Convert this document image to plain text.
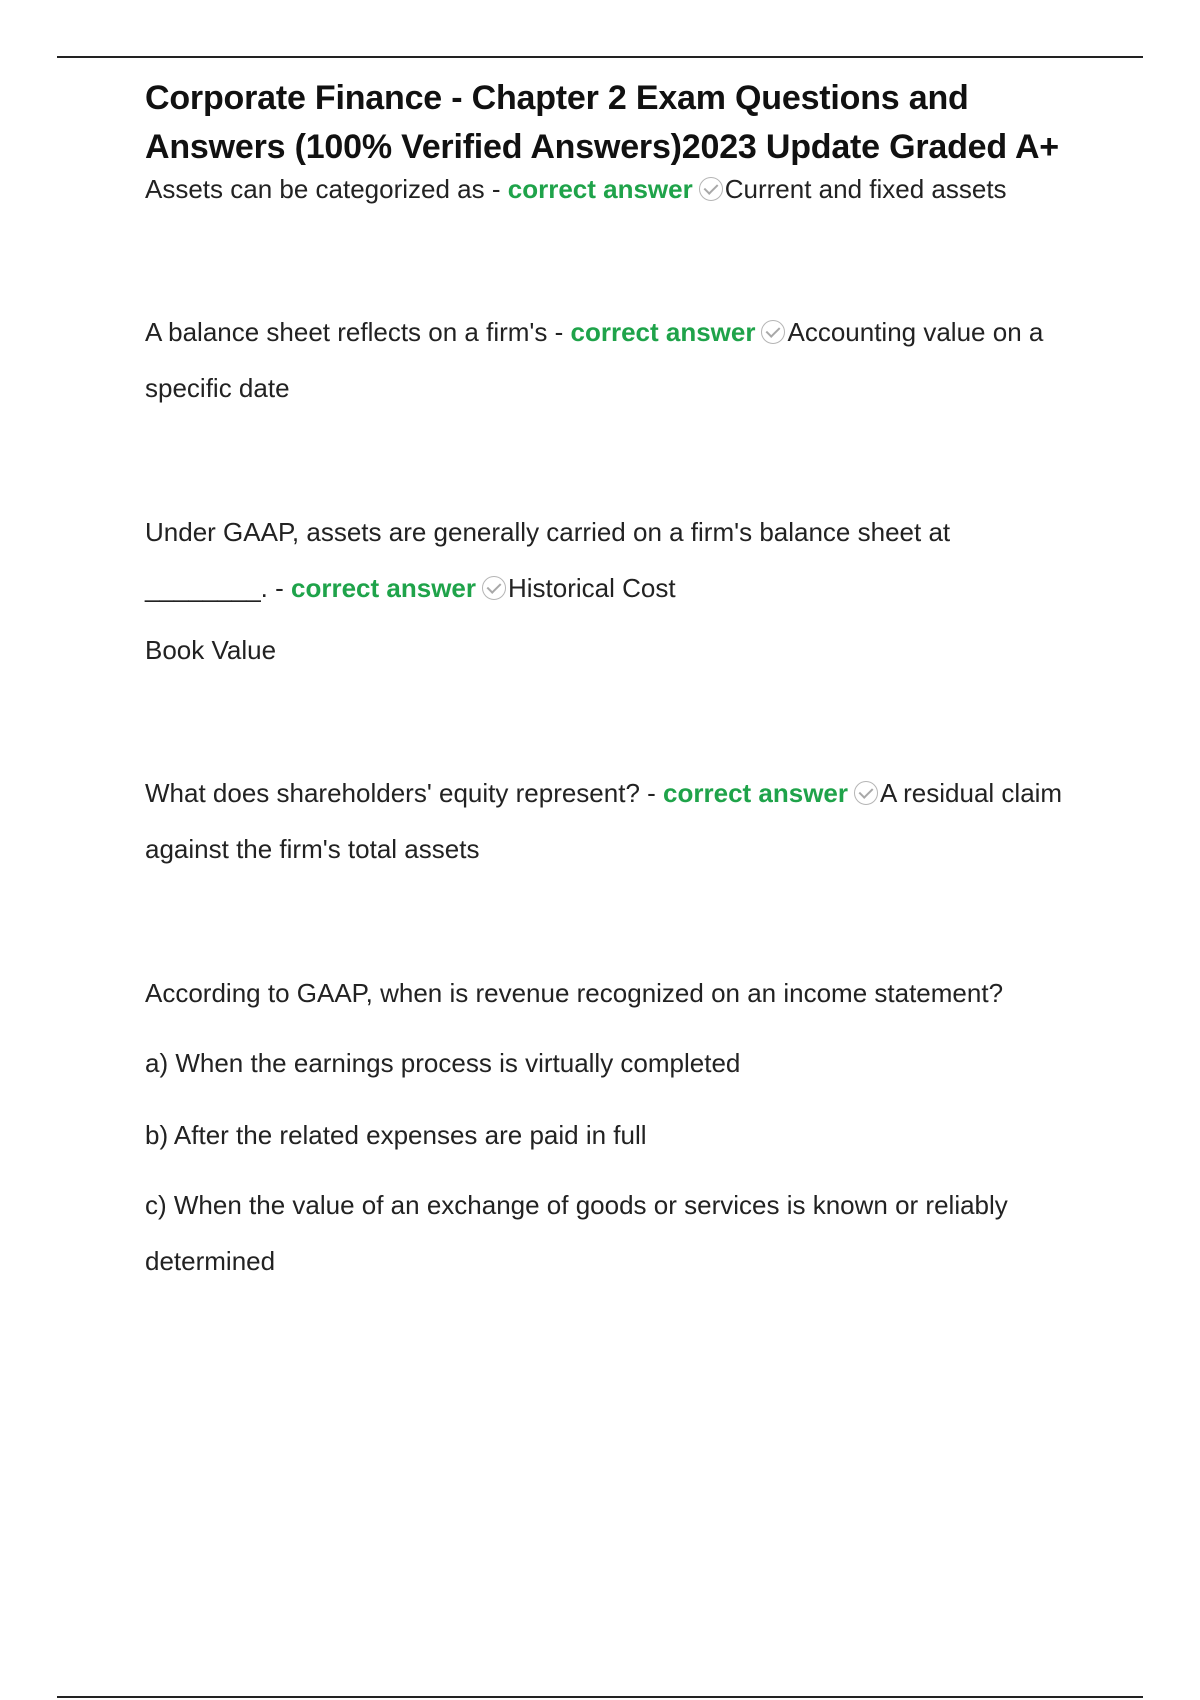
Corporate Finance - Chapter 2 Exam Questions and Answers (100% Verified Answers)2023 Update Graded A+

Assets can be categorized as - correct answer Current and fixed assets

A balance sheet reflects on a firm's - correct answer Accounting value on a specific date

Under GAAP, assets are generally carried on a firm's balance sheet at ________. - correct answer Historical Cost

Book Value

What does shareholders' equity represent? - correct answer A residual claim against the firm's total assets

According to GAAP, when is revenue recognized on an income statement?

a) When the earnings process is virtually completed

b) After the related expenses are paid in full

c) When the value of an exchange of goods or services is known or reliably determined
